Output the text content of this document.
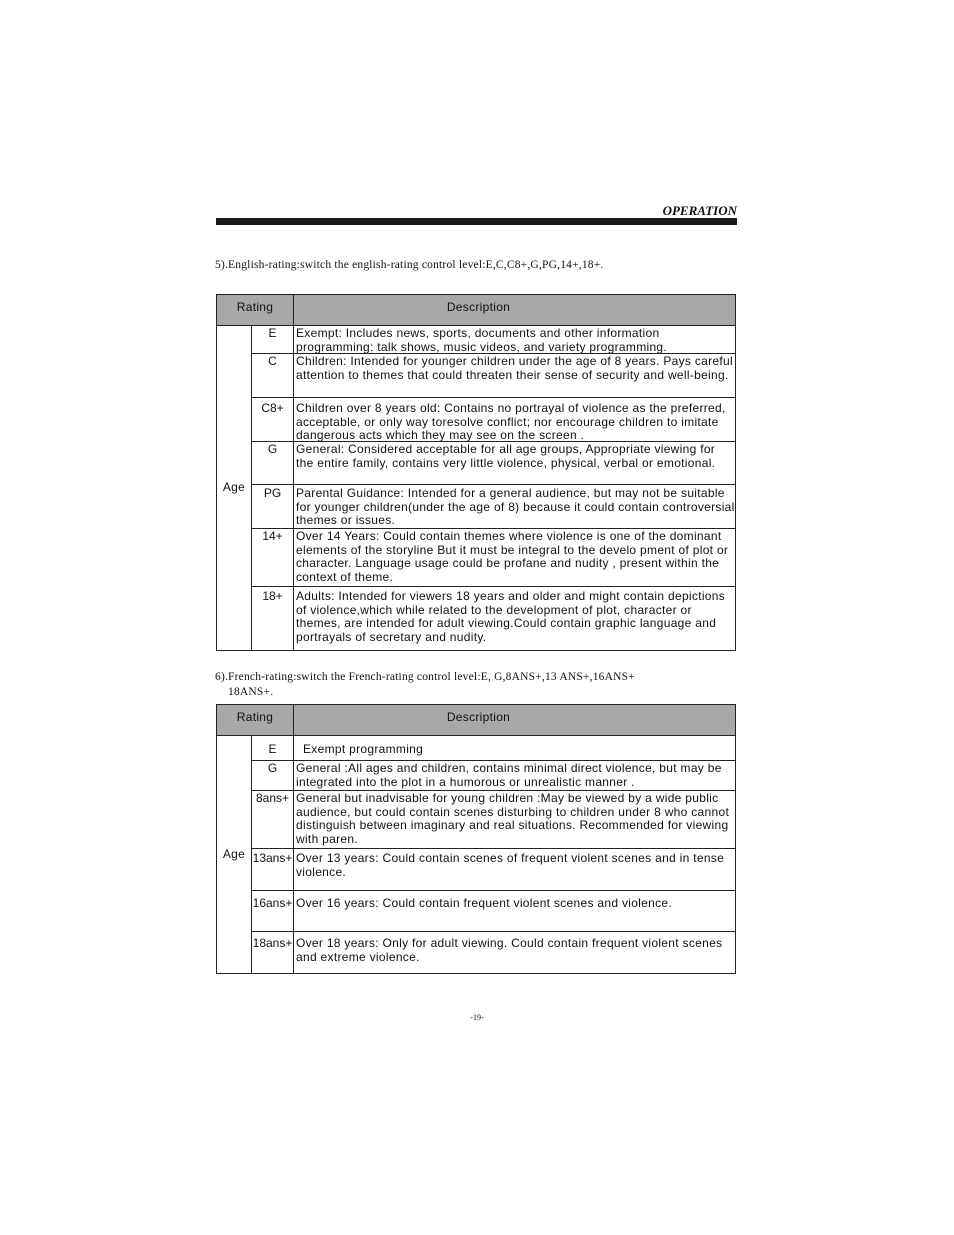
OPERATION
5).English-rating:switch the english-rating control level:E,C,C8+,G,PG,14+,18+.
Rating	Description
Age
E	Exempt: Includes news, sports, documents and other information programming: talk shows, music videos, and variety programming.
C	Children: Intended for younger children under the age of 8 years. Pays careful attention to themes that could threaten their sense of security and well-being.
C8+	Children over 8 years old: Contains no portrayal of violence as the preferred, acceptable, or only way toresolve conflict; nor encourage children to imitate dangerous acts which they may see on the screen .
G	General: Considered acceptable for all age groups, Appropriate viewing for the entire family, contains very little violence, physical, verbal or emotional.
PG	Parental Guidance: Intended for a general audience, but may not be suitable for younger children(under the age of 8) because it could contain controversial themes or issues.
14+	Over 14 Years: Could contain themes where violence is one of the dominant elements of the storyline But it must be integral to the develo pment of plot or character. Language usage could be profane and nudity , present within the context of theme.
18+	Adults: Intended for viewers 18 years and older and might contain depictions of violence,which while related to the development of plot, character or themes, are intended for adult viewing.Could contain graphic language and portrayals of secretary and nudity.
6).French-rating:switch the French-rating control level:E, G,8ANS+,13 ANS+,16ANS+
18ANS+.
Rating	Description
Age
E	Exempt programming
G	General :All ages and children, contains minimal direct violence, but may be integrated into the plot in a humorous or unrealistic manner .
8ans+ General but inadvisable for young children :May be viewed by a wide public audience, but could contain scenes disturbing to children under 8 who cannot distinguish between imaginary and real situations. Recommended for viewing with paren.
13ans+ Over 13 years: Could contain scenes of frequent violent scenes and in tense violence.
16ans+ Over 16 years: Could contain frequent violent scenes and violence.
18ans+ Over 18 years: Only for adult viewing. Could contain frequent violent scenes and extreme violence.
-19-
